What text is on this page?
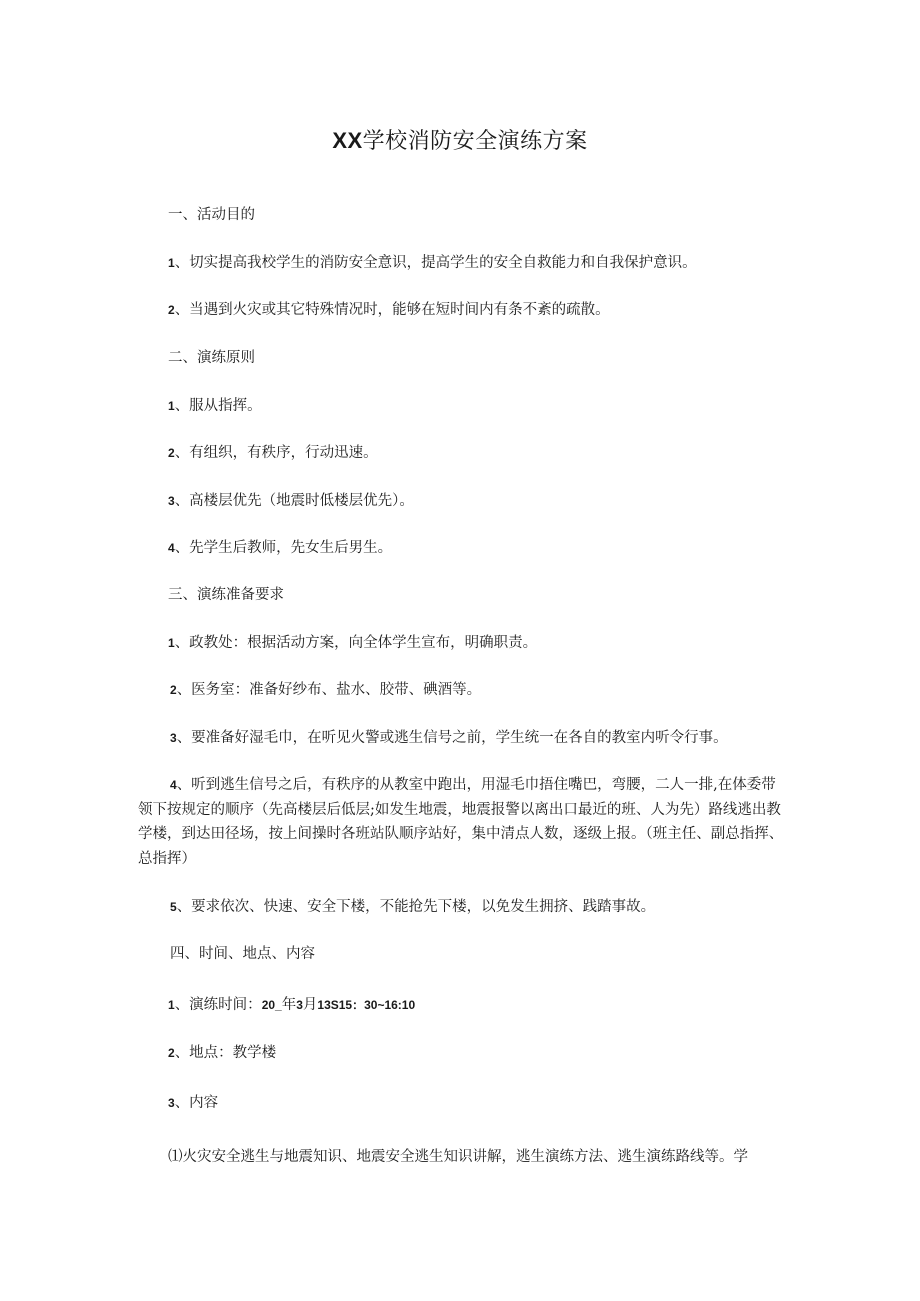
XX学校消防安全演练方案

一、活动目的

1、切实提高我校学生的消防安全意识，提高学生的安全自救能力和自我保护意识。

2、当遇到火灾或其它特殊情况时，能够在短时间内有条不紊的疏散。

二、演练原则

1、服从指挥。

2、有组织，有秩序，行动迅速。

3、高楼层优先（地震时低楼层优先）。

4、先学生后教师，先女生后男生。

三、演练准备要求

1、政教处：根据活动方案，向全体学生宣布，明确职责。

2、医务室：准备好纱布、盐水、胶带、碘酒等。

3、要准备好湿毛巾，在听见火警或逃生信号之前，学生统一在各自的教室内听令行事。

4、听到逃生信号之后，有秩序的从教室中跑出，用湿毛巾捂住嘴巴，弯腰，二人一排,在体委带领下按规定的顺序（先高楼层后低层;如发生地震，地震报警以离出口最近的班、人为先）路线逃出教学楼，到达田径场，按上间操时各班站队顺序站好，集中清点人数，逐级上报。（班主任、副总指挥、总指挥）

5、要求依次、快速、安全下楼，不能抢先下楼，以免发生拥挤、践踏事故。

四、时间、地点、内容

1、演练时间：20_年3月13S15：30~16:10

2、地点：教学楼

3、内容

⑴火灾安全逃生与地震知识、地震安全逃生知识讲解，逃生演练方法、逃生演练路线等。学
